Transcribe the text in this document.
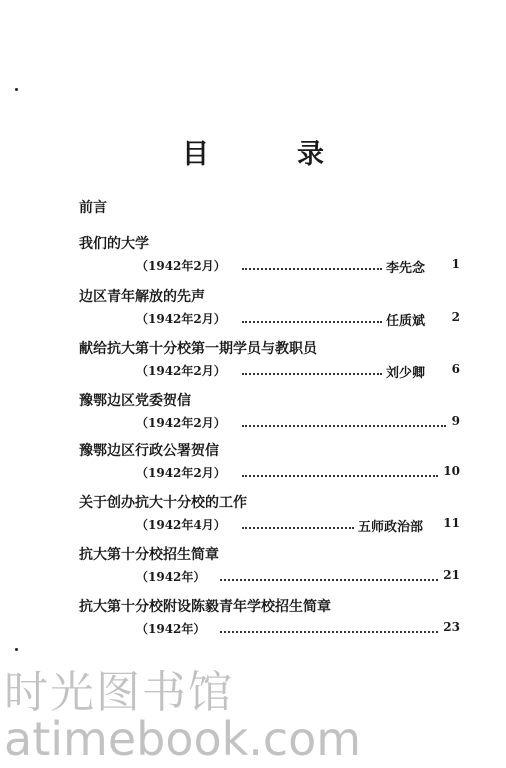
目	录
前言
我们的大学
（1942年2月）	李先念 1
边区青年解放的先声
（1942年2月）	任质斌 2
献给抗大第十分校第一期学员与教职员
（1942年2月）	刘少卿 6
豫鄂边区党委贺信
（1942年2月）	9
豫鄂边区行政公署贺信
（1942年2月）	10
关于创办抗大十分校的工作
（1942年4月）	五师政治部 11
抗大第十分校招生简章
（1942年）	21
抗大第十分校附设陈毅青年学校招生简章
（1942年）	23
时光图书馆
atimebook.com
